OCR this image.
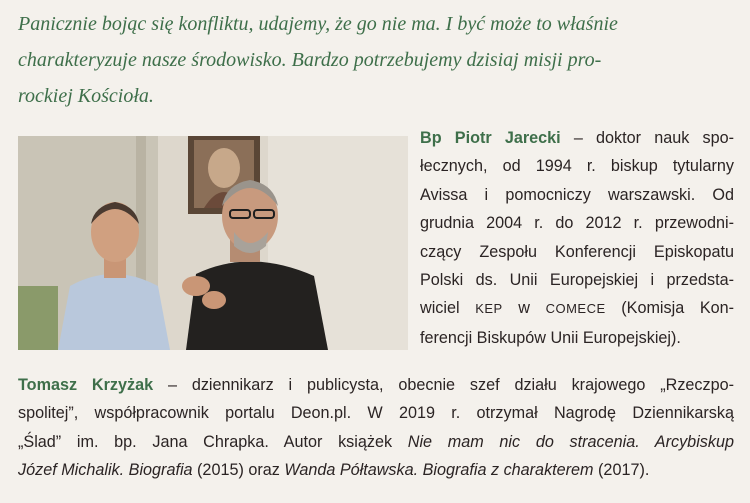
Panicznie bojąc się konfliktu, udajemy, że go nie ma. I być może to właśnie
charakteryzuje nasze środowisko. Bardzo potrzebujemy dzisiaj misji pro-
rockiej Kościoła.

Bp Piotr Jarecki – doktor nauk spo-
łecznych, od 1994 r. biskup tytularny
Avissa i pomocniczy warszawski. Od
grudnia 2004 r. do 2012 r. przewodni-
czący Zespołu Konferencji Episkopatu
Polski ds. Unii Europejskiej i przedsta-
wiciel KEP w COMECE (Komisja Kon-
ferencji Biskupów Unii Europejskiej).

Tomasz Krzyżak – dziennikarz i publicysta, obecnie szef działu krajowego „Rzeczpo-
spolitej”, współpracownik portalu Deon.pl. W 2019 r. otrzymał Nagrodę Dziennikarską
„Ślad” im. bp. Jana Chrapka. Autor książek Nie mam nic do stracenia. Arcybiskup
Józef Michalik. Biografia (2015) oraz Wanda Półtawska. Biografia z charakterem (2017).
